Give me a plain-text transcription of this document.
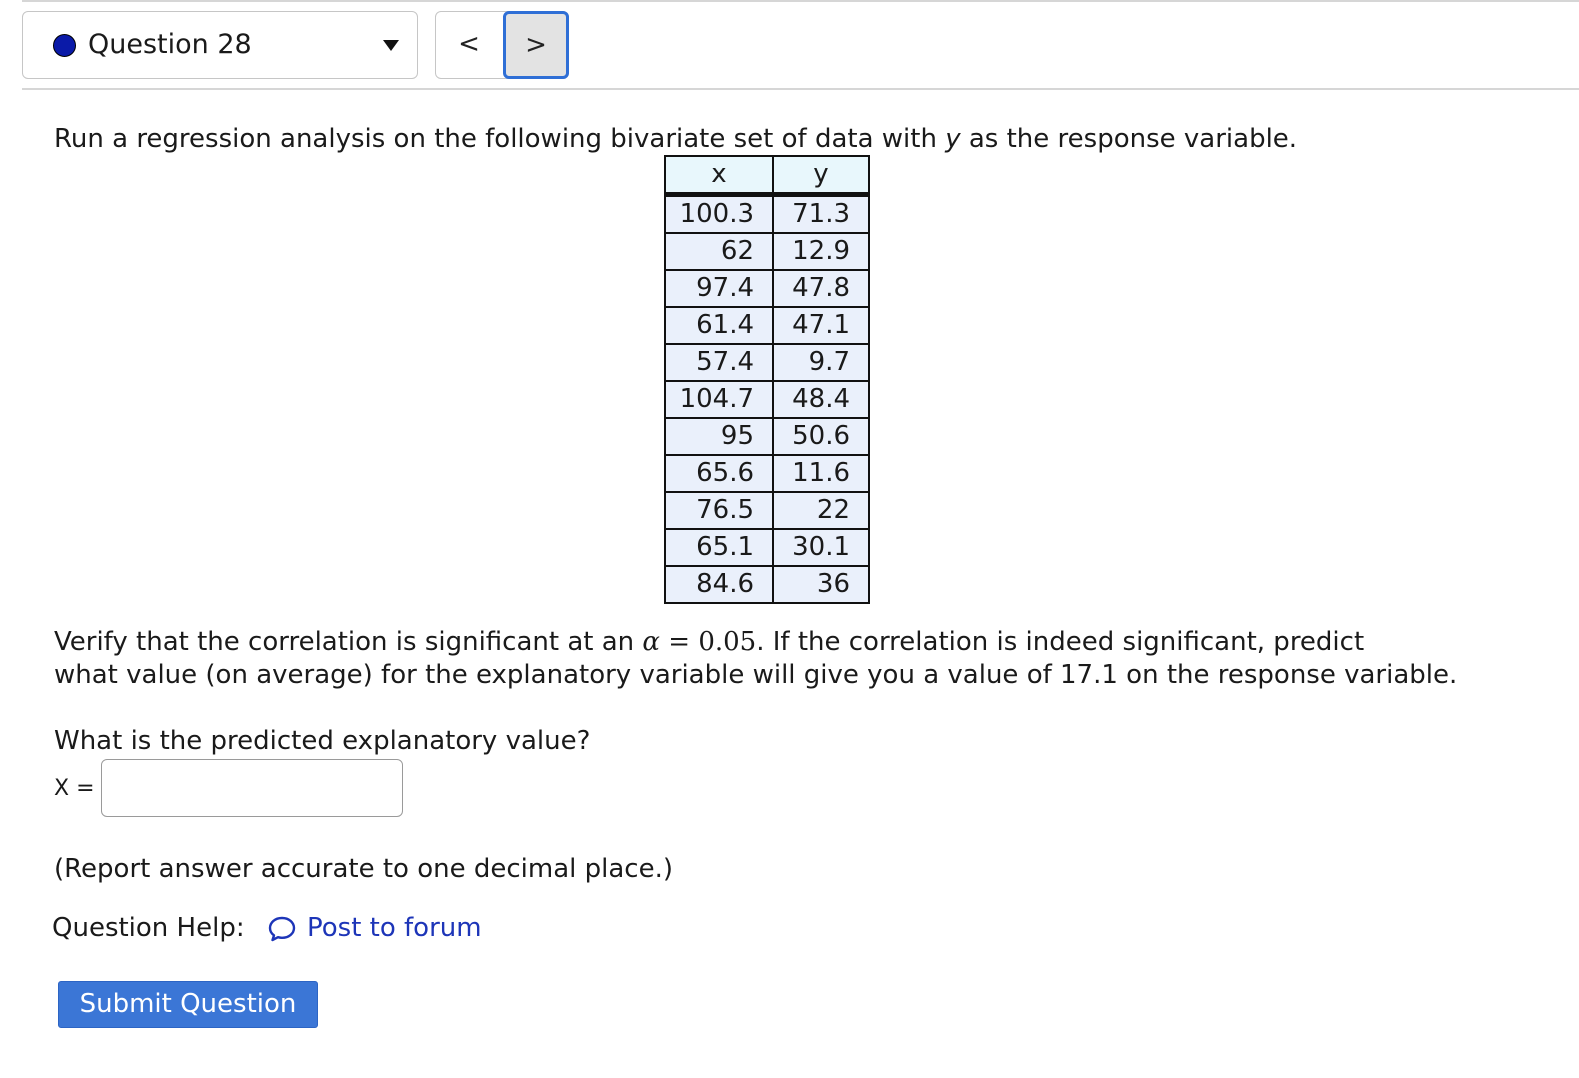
Question 28	<	>
Run a regression analysis on the following bivariate set of data with y as the response variable.
x	y
100.3	71.3
62	12.9
97.4	47.8
61.4	47.1
57.4	9.7
104.7	48.4
95	50.6
65.6	11.6
76.5	22
65.1	30.1
84.6	36
Verify that the correlation is significant at an α = 0.05. If the correlation is indeed significant, predict
what value (on average) for the explanatory variable will give you a value of 17.1 on the response variable.
What is the predicted explanatory value?
X =
(Report answer accurate to one decimal place.)
Question Help: Post to forum
Submit Question
